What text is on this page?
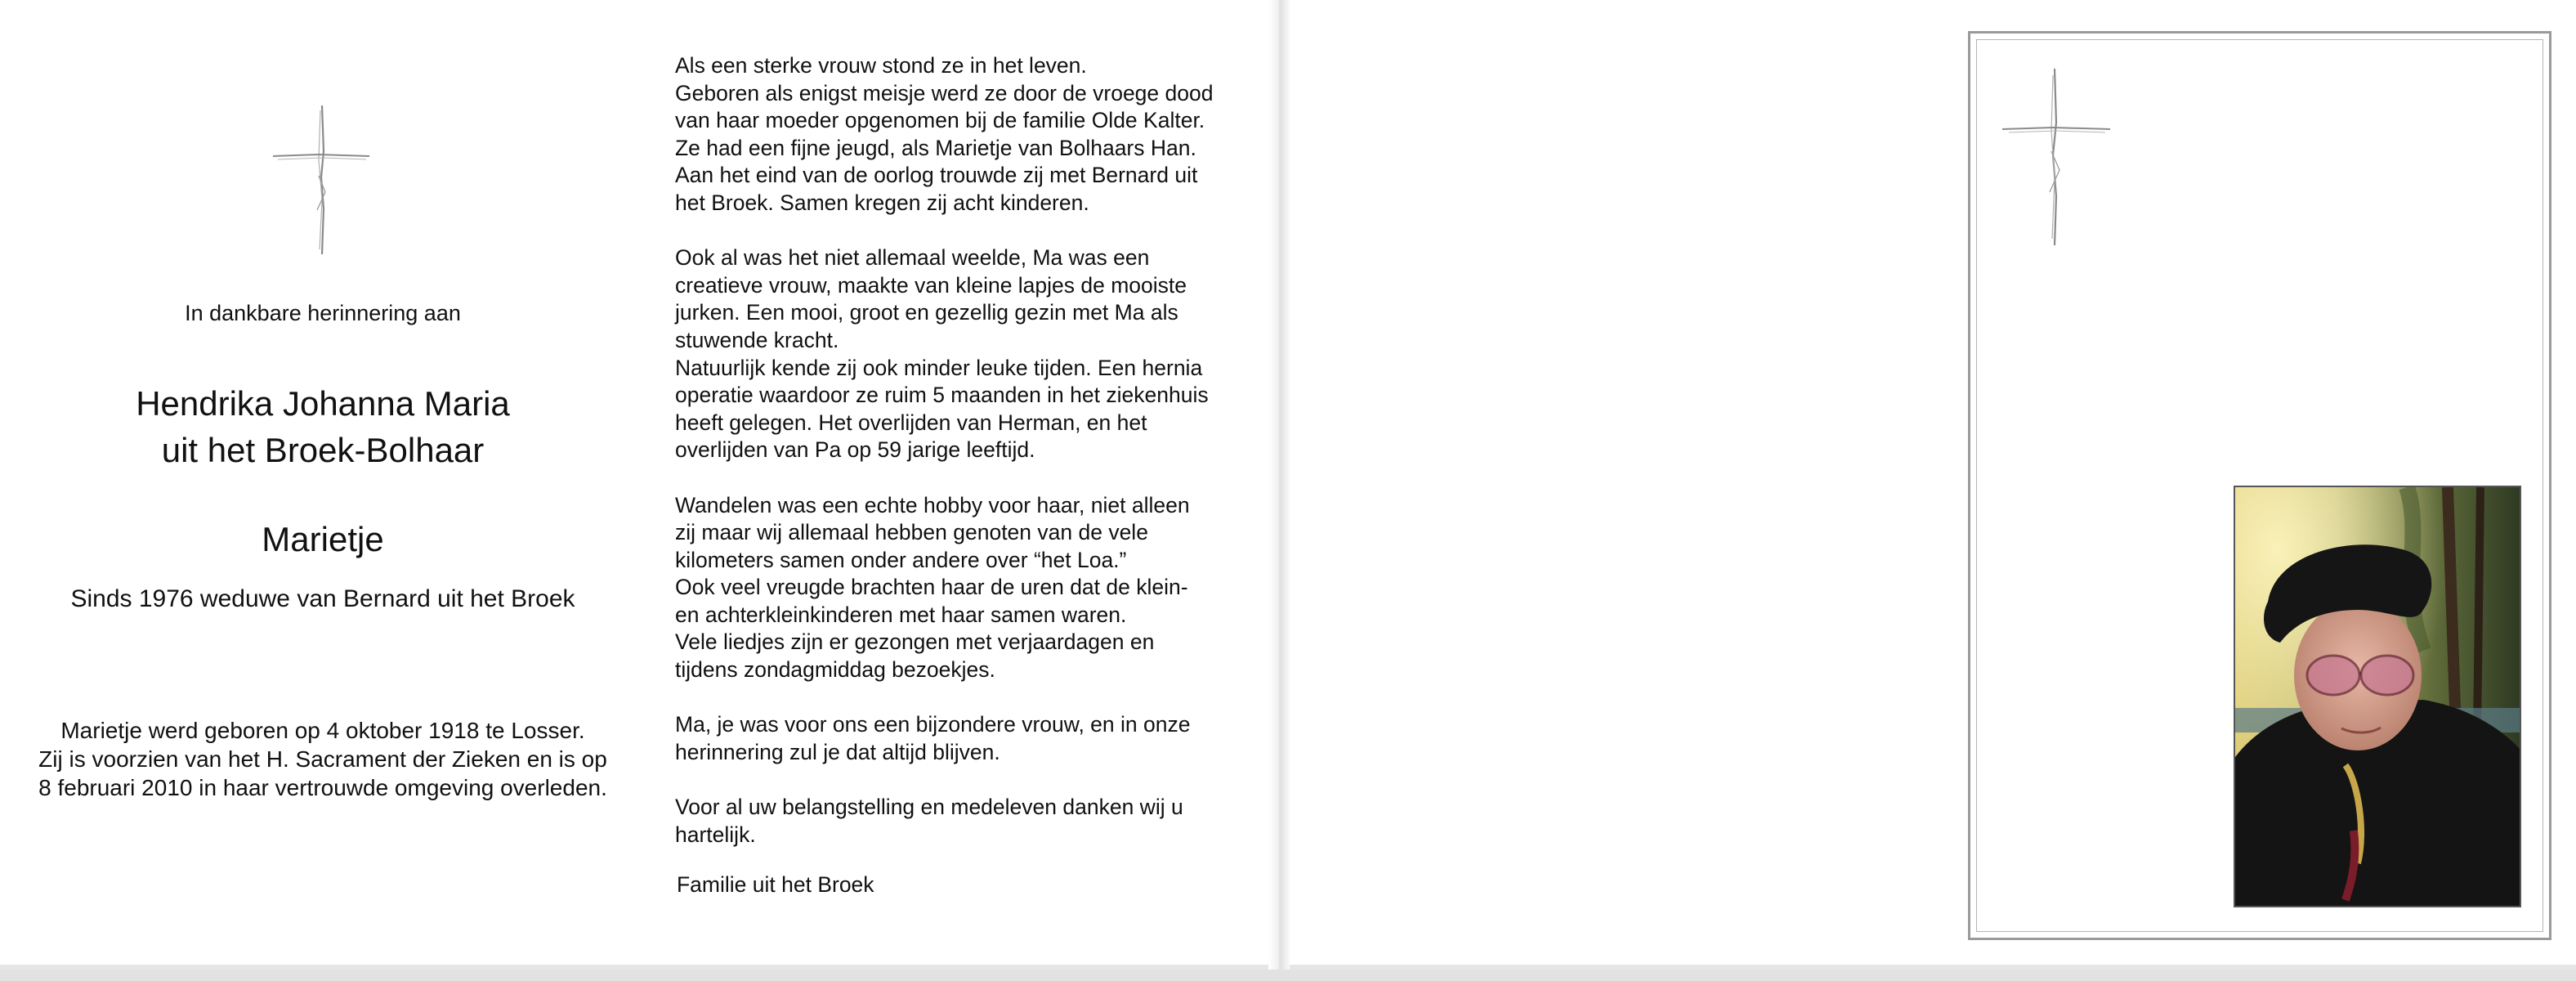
In dankbare herinnering aan
Hendrika Johanna Maria
uit het Broek-Bolhaar
Marietje
Sinds 1976 weduwe van Bernard uit het Broek
Marietje werd geboren op 4 oktober 1918 te Losser.
Zij is voorzien van het H. Sacrament der Zieken en is op
8 februari 2010 in haar vertrouwde omgeving overleden.
Als een sterke vrouw stond ze in het leven.
Geboren als enigst meisje werd ze door de vroege dood
van haar moeder opgenomen bij de familie Olde Kalter.
Ze had een fijne jeugd, als Marietje van Bolhaars Han.
Aan het eind van de oorlog trouwde zij met Bernard uit
het Broek. Samen kregen zij acht kinderen.
Ook al was het niet allemaal weelde, Ma was een
creatieve vrouw, maakte van kleine lapjes de mooiste
jurken. Een mooi, groot en gezellig gezin met Ma als
stuwende kracht.
Natuurlijk kende zij ook minder leuke tijden. Een hernia
operatie waardoor ze ruim 5 maanden in het ziekenhuis
heeft gelegen. Het overlijden van Herman, en het
overlijden van Pa op 59 jarige leeftijd.
Wandelen was een echte hobby voor haar, niet alleen
zij maar wij allemaal hebben genoten van de vele
kilometers samen onder andere over “het Loa.”
Ook veel vreugde brachten haar de uren dat de klein-
en achterkleinkinderen met haar samen waren.
Vele liedjes zijn er gezongen met verjaardagen en
tijdens zondagmiddag bezoekjes.
Ma, je was voor ons een bijzondere vrouw, en in onze
herinnering zul je dat altijd blijven.
Voor al uw belangstelling en medeleven danken wij u
hartelijk.
Familie uit het Broek
